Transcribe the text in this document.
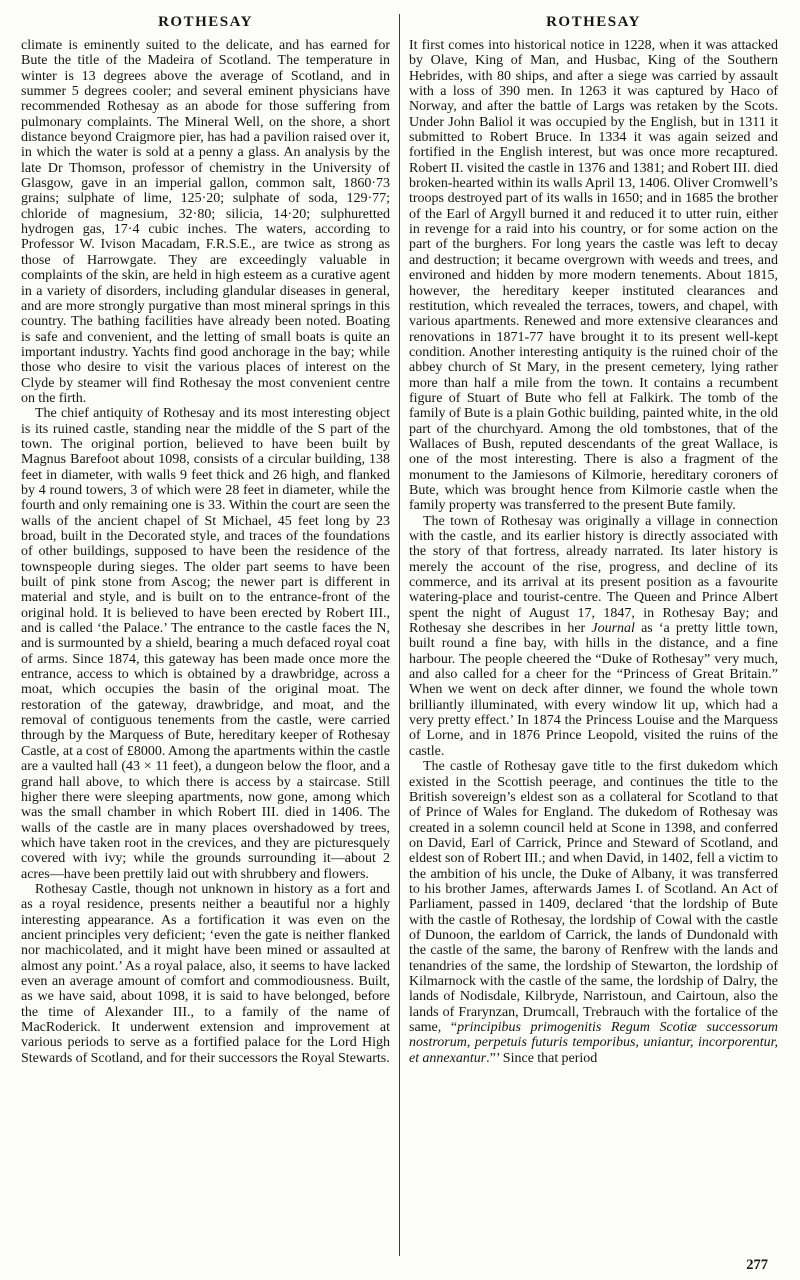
ROTHESAY

climate is eminently suited to the delicate, and has earned for Bute the title of the Madeira of Scotland. The temperature in winter is 13 degrees above the average of Scotland, and in summer 5 degrees cooler; and several eminent physicians have recommended Rothesay as an abode for those suffering from pulmonary complaints. The Mineral Well, on the shore, a short distance beyond Craigmore pier, has had a pavilion raised over it, in which the water is sold at a penny a glass. An analysis by the late Dr Thomson, professor of chemistry in the University of Glasgow, gave in an imperial gallon, common salt, 1860·73 grains; sulphate of lime, 125·20; sulphate of soda, 129·77; chloride of magnesium, 32·80; silicia, 14·20; sulphuretted hydrogen gas, 17·4 cubic inches. The waters, according to Professor W. Ivison Macadam, F.R.S.E., are twice as strong as those of Harrowgate. They are exceedingly valuable in complaints of the skin, are held in high esteem as a curative agent in a variety of disorders, including glandular diseases in general, and are more strongly purgative than most mineral springs in this country. The bathing facilities have already been noted. Boating is safe and convenient, and the letting of small boats is quite an important industry. Yachts find good anchorage in the bay; while those who desire to visit the various places of interest on the Clyde by steamer will find Rothesay the most convenient centre on the firth.

The chief antiquity of Rothesay and its most interesting object is its ruined castle, standing near the middle of the S part of the town. The original portion, believed to have been built by Magnus Barefoot about 1098, consists of a circular building, 138 feet in diameter, with walls 9 feet thick and 26 high, and flanked by 4 round towers, 3 of which were 28 feet in diameter, while the fourth and only remaining one is 33. Within the court are seen the walls of the ancient chapel of St Michael, 45 feet long by 23 broad, built in the Decorated style, and traces of the foundations of other buildings, supposed to have been the residence of the townspeople during sieges. The older part seems to have been built of pink stone from Ascog; the newer part is different in material and style, and is built on to the entrance-front of the original hold. It is believed to have been erected by Robert III., and is called ‘the Palace.’ The entrance to the castle faces the N, and is surmounted by a shield, bearing a much defaced royal coat of arms. Since 1874, this gateway has been made once more the entrance, access to which is obtained by a drawbridge, across a moat, which occupies the basin of the original moat. The restoration of the gateway, drawbridge, and moat, and the removal of contiguous tenements from the castle, were carried through by the Marquess of Bute, hereditary keeper of Rothesay Castle, at a cost of £8000. Among the apartments within the castle are a vaulted hall (43 × 11 feet), a dungeon below the floor, and a grand hall above, to which there is access by a staircase. Still higher there were sleeping apartments, now gone, among which was the small chamber in which Robert III. died in 1406. The walls of the castle are in many places overshadowed by trees, which have taken root in the crevices, and they are picturesquely covered with ivy; while the grounds surrounding it—about 2 acres—have been prettily laid out with shrubbery and flowers.

Rothesay Castle, though not unknown in history as a fort and as a royal residence, presents neither a beautiful nor a highly interesting appearance. As a fortification it was even on the ancient principles very deficient; ‘even the gate is neither flanked nor machicolated, and it might have been mined or assaulted at almost any point.’ As a royal palace, also, it seems to have lacked even an average amount of comfort and commodiousness. Built, as we have said, about 1098, it is said to have belonged, before the time of Alexander III., to a family of the name of MacRoderick. It underwent extension and improvement at various periods to serve as a fortified palace for the Lord High Stewards of Scotland, and for their successors the Royal Stewarts.

ROTHESAY

It first comes into historical notice in 1228, when it was attacked by Olave, King of Man, and Husbac, King of the Southern Hebrides, with 80 ships, and after a siege was carried by assault with a loss of 390 men. In 1263 it was captured by Haco of Norway, and after the battle of Largs was retaken by the Scots. Under John Baliol it was occupied by the English, but in 1311 it submitted to Robert Bruce. In 1334 it was again seized and fortified in the English interest, but was once more recaptured. Robert II. visited the castle in 1376 and 1381; and Robert III. died broken-hearted within its walls April 13, 1406. Oliver Cromwell’s troops destroyed part of its walls in 1650; and in 1685 the brother of the Earl of Argyll burned it and reduced it to utter ruin, either in revenge for a raid into his country, or for some action on the part of the burghers. For long years the castle was left to decay and destruction; it became overgrown with weeds and trees, and environed and hidden by more modern tenements. About 1815, however, the hereditary keeper instituted clearances and restitution, which revealed the terraces, towers, and chapel, with various apartments. Renewed and more extensive clearances and renovations in 1871-77 have brought it to its present well-kept condition. Another interesting antiquity is the ruined choir of the abbey church of St Mary, in the present cemetery, lying rather more than half a mile from the town. It contains a recumbent figure of Stuart of Bute who fell at Falkirk. The tomb of the family of Bute is a plain Gothic building, painted white, in the old part of the churchyard. Among the old tombstones, that of the Wallaces of Bush, reputed descendants of the great Wallace, is one of the most interesting. There is also a fragment of the monument to the Jamiesons of Kilmorie, hereditary coroners of Bute, which was brought hence from Kilmorie castle when the family property was transferred to the present Bute family.

The town of Rothesay was originally a village in connection with the castle, and its earlier history is directly associated with the story of that fortress, already narrated. Its later history is merely the account of the rise, progress, and decline of its commerce, and its arrival at its present position as a favourite watering-place and tourist-centre. The Queen and Prince Albert spent the night of August 17, 1847, in Rothesay Bay; and Rothesay she describes in her Journal as ‘a pretty little town, built round a fine bay, with hills in the distance, and a fine harbour. The people cheered the “Duke of Rothesay” very much, and also called for a cheer for the “Princess of Great Britain.” When we went on deck after dinner, we found the whole town brilliantly illuminated, with every window lit up, which had a very pretty effect.’ In 1874 the Princess Louise and the Marquess of Lorne, and in 1876 Prince Leopold, visited the ruins of the castle.

The castle of Rothesay gave title to the first dukedom which existed in the Scottish peerage, and continues the title to the British sovereign’s eldest son as a collateral for Scotland to that of Prince of Wales for England. The dukedom of Rothesay was created in a solemn council held at Scone in 1398, and conferred on David, Earl of Carrick, Prince and Steward of Scotland, and eldest son of Robert III.; and when David, in 1402, fell a victim to the ambition of his uncle, the Duke of Albany, it was transferred to his brother James, afterwards James I. of Scotland. An Act of Parliament, passed in 1409, declared ‘that the lordship of Bute with the castle of Rothesay, the lordship of Cowal with the castle of Dunoon, the earldom of Carrick, the lands of Dundonald with the castle of the same, the barony of Renfrew with the lands and tenandries of the same, the lordship of Stewarton, the lordship of Kilmarnock with the castle of the same, the lordship of Dalry, the lands of Nodisdale, Kilbryde, Narristoun, and Cairtoun, also the lands of Frarynzan, Drumcall, Trebrauch with the fortalice of the same, “principibus primogenitis Regum Scotiæ successorum nostrorum, perpetuis futuris temporibus, uniantur, incorporentur, et annexantur.”’ Since that period

277
